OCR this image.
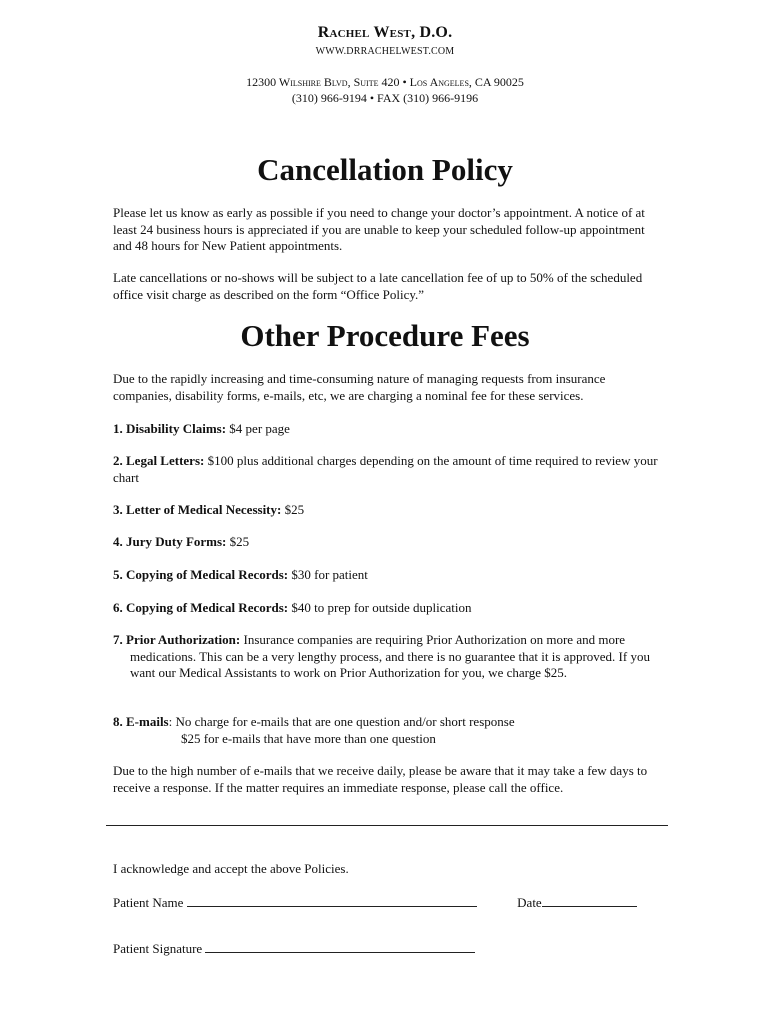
Rachel West, D.O.
WWW.DRRACHELWEST.COM
12300 Wilshire Blvd, Suite 420 • Los Angeles, CA 90025
(310) 966-9194 • FAX (310) 966-9196
Cancellation Policy

Please let us know as early as possible if you need to change your doctor’s appointment. A notice of at least 24 business hours is appreciated if you are unable to keep your scheduled follow-up appointment and 48 hours for New Patient appointments.

Late cancellations or no-shows will be subject to a late cancellation fee of up to 50% of the scheduled office visit charge as described on the form “Office Policy.”

Other Procedure Fees

Due to the rapidly increasing and time-consuming nature of managing requests from insurance companies, disability forms, e-mails, etc, we are charging a nominal fee for these services.

1. Disability Claims: $4 per page
2. Legal Letters: $100 plus additional charges depending on the amount of time required to review your chart
3. Letter of Medical Necessity: $25
4. Jury Duty Forms: $25
5. Copying of Medical Records: $30 for patient
6. Copying of Medical Records: $40 to prep for outside duplication
7. Prior Authorization: Insurance companies are requiring Prior Authorization on more and more medications. This can be a very lengthy process, and there is no guarantee that it is approved. If you want our Medical Assistants to work on Prior Authorization for you, we charge $25.
8. E-mails: No charge for e-mails that are one question and/or short response
$25 for e-mails that have more than one question

Due to the high number of e-mails that we receive daily, please be aware that it may take a few days to receive a response. If the matter requires an immediate response, please call the office.

I acknowledge and accept the above Policies.
Patient Name	Date
Patient Signature
